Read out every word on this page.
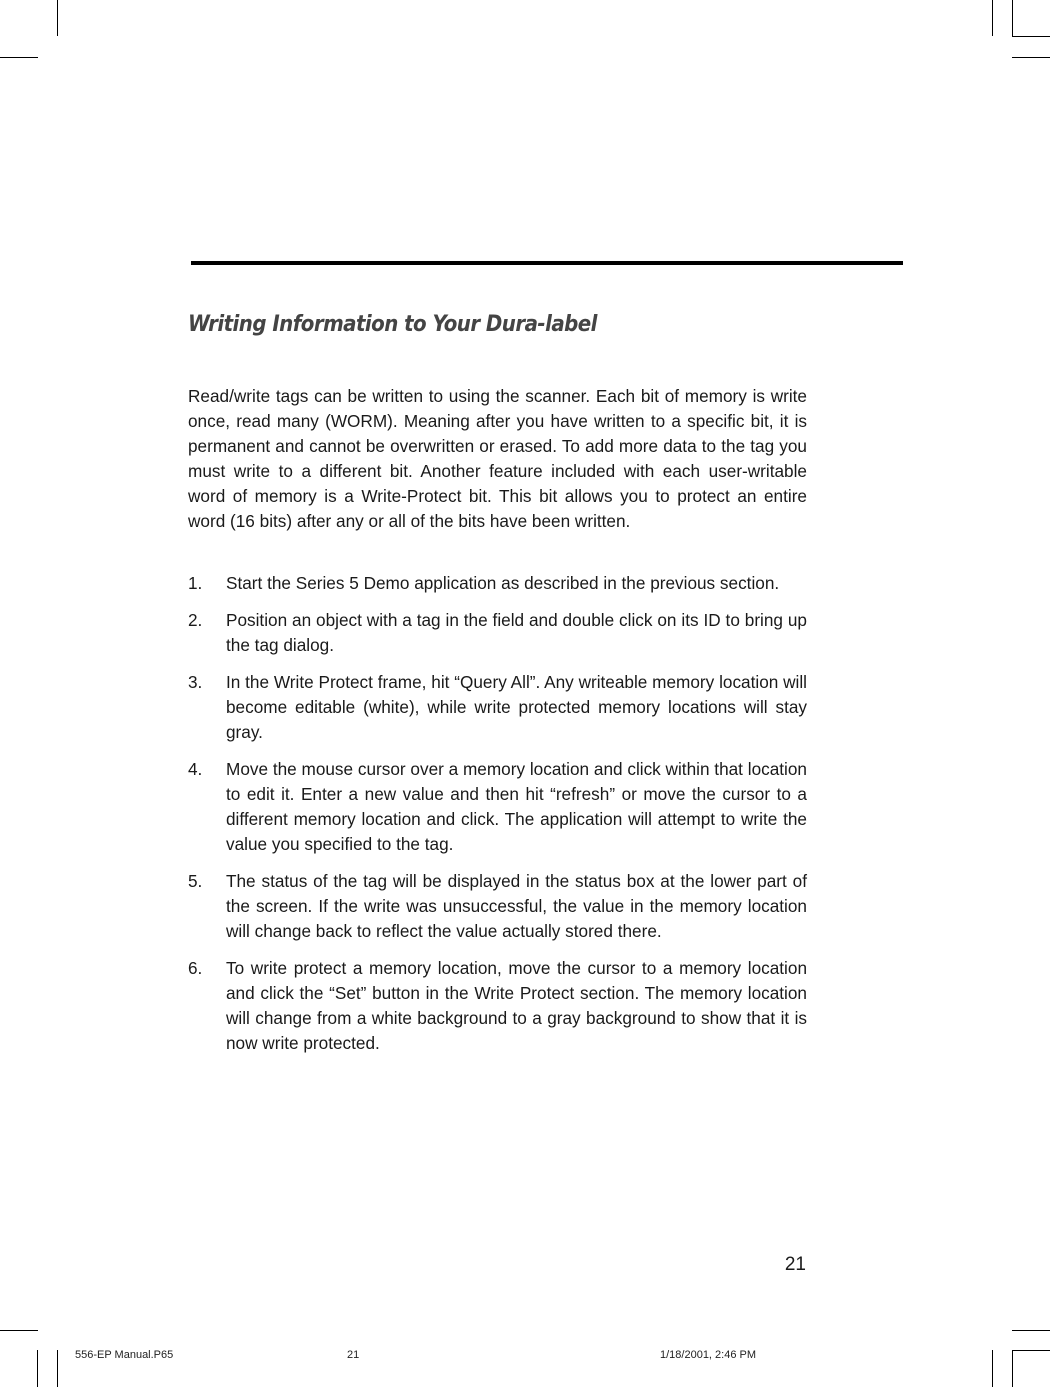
Writing Information to Your Dura-label

Read/write tags can be written to using the scanner. Each bit of memory is write once, read many (WORM). Meaning after you have written to a specific bit, it is permanent and cannot be overwritten or erased. To add more data to the tag you must write to a different bit. Another feature included with each user-writable word of memory is a Write-Protect bit. This bit allows you to protect an entire word (16 bits) after any or all of the bits have been written.

1.	Start the Series 5 Demo application as described in the previous section.
2.	Position an object with a tag in the field and double click on its ID to bring up the tag dialog.
3.	In the Write Protect frame, hit “Query All”. Any writeable memory location will become editable (white), while write protected memory locations will stay gray.
4.	Move the mouse cursor over a memory location and click within that location to edit it. Enter a new value and then hit “refresh” or move the cursor to a different memory location and click. The application will attempt to write the value you specified to the tag.
5.	The status of the tag will be displayed in the status box at the lower part of the screen. If the write was unsuccessful, the value in the memory location will change back to reflect the value actually stored there.
6.	To write protect a memory location, move the cursor to a memory location and click the “Set” button in the Write Protect section. The memory location will change from a white background to a gray background to show that it is now write protected.
21
556-EP Manual.P65	21	1/18/2001, 2:46 PM
